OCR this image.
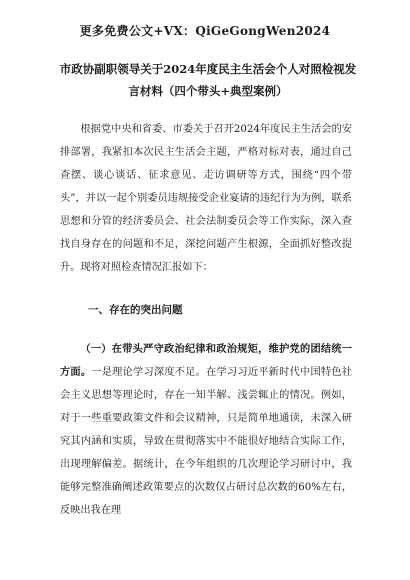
更多免费公文+VX：QiGeGongWen2024
市政协副职领导关于2024年度民主生活会个人对照检视发言材料（四个带头+典型案例）
根据党中央和省委、市委关于召开2024年度民主生活会的安排部署，我紧扣本次民主生活会主题，严格对标对表，通过自己查摆、谈心谈话、征求意见、走访调研等方式，围绕“四个带头”，并以一起个别委员违规接受企业宴请的违纪行为为例，联系思想和分管的经济委员会、社会法制委员会等工作实际，深入查找自身存在的问题和不足，深挖问题产生根源，全面抓好整改提升。现将对照检查情况汇报如下：
一、存在的突出问题
（一）在带头严守政治纪律和政治规矩，维护党的团结统一方面。一是理论学习深度不足。在学习习近平新时代中国特色社会主义思想等理论时，存在一知半解、浅尝辄止的情况。例如，对于一些重要政策文件和会议精神，只是简单地通读，未深入研究其内涵和实质，导致在贯彻落实中不能很好地结合实际工作，出现理解偏差。据统计，在今年组织的几次理论学习研讨中，我能够完整准确阐述政策要点的次数仅占研讨总次数的60%左右，反映出我在理
